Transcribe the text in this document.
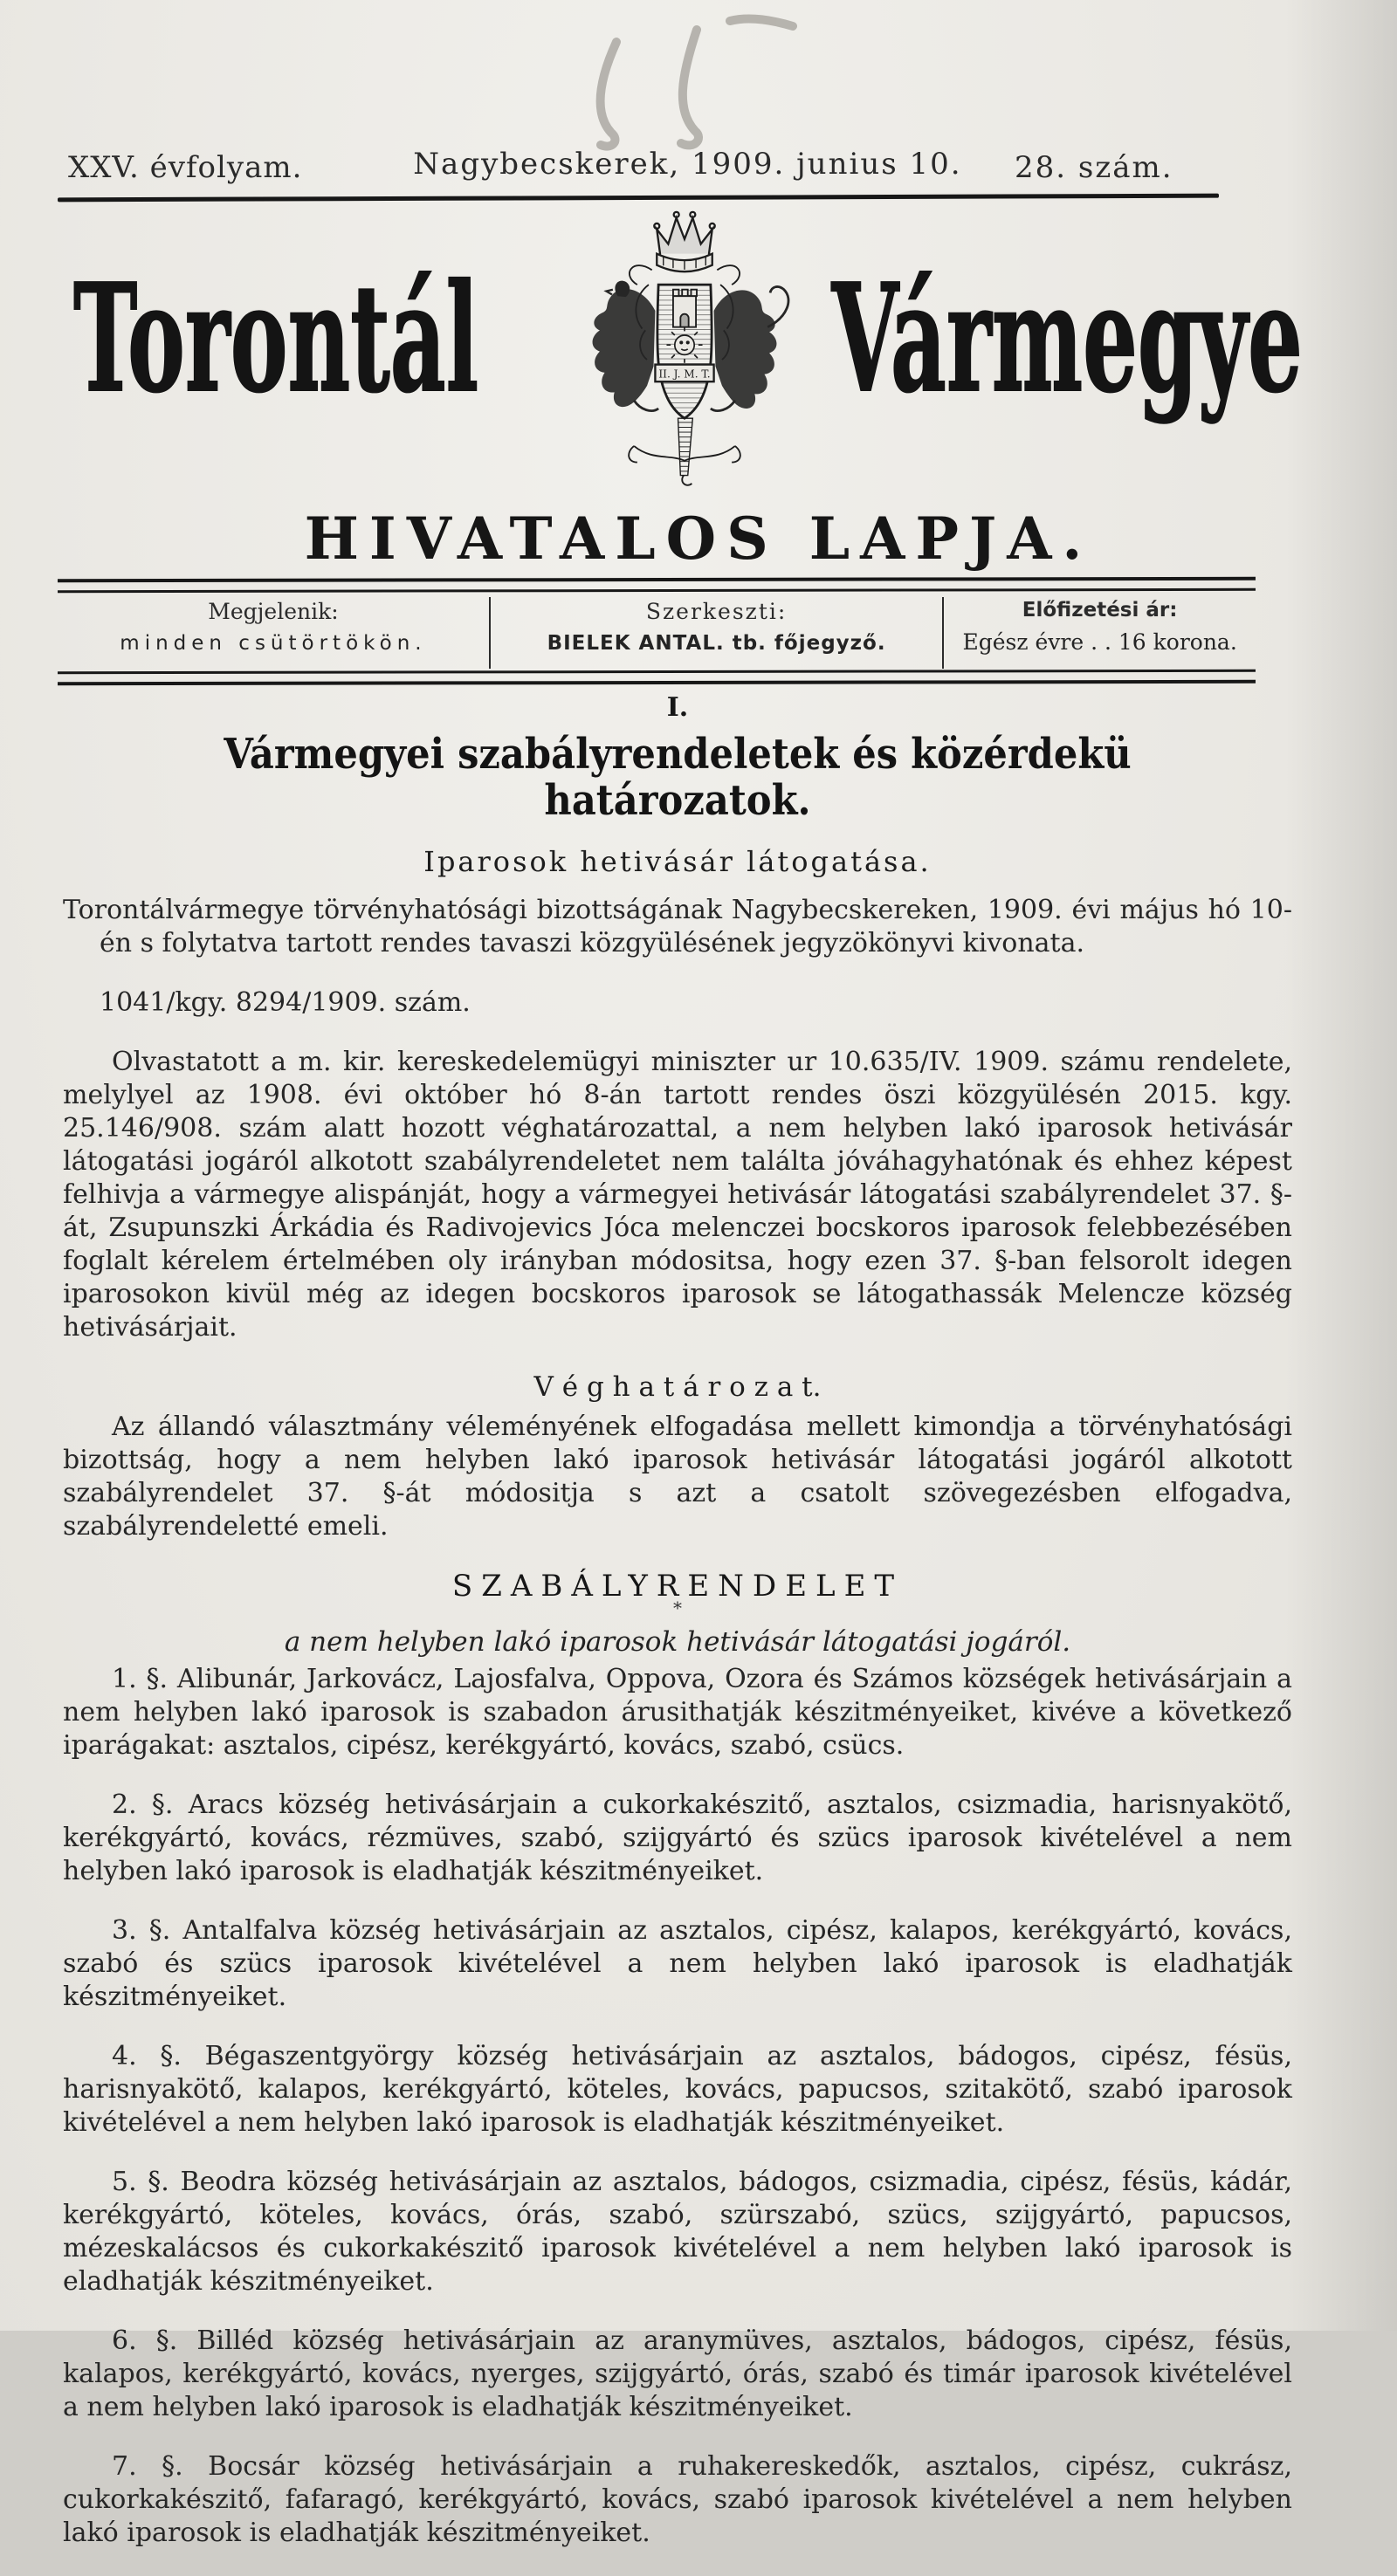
XXV. évfolyam.	Nagybecskerek, 1909. junius 10. 28. szám.
Torontál Vármegye
II. J. M. T.
HIVATALOS LAPJA.
Megjelenik:
minden csütörtökön.
Szerkeszti:
BIELEK ANTAL. tb. főjegyző.
Előfizetési ár:
Egész évre . . 16 korona.
I.
Vármegyei szabályrendeletek és közérdekü határozatok.
Iparosok hetivásár látogatása.

Torontálvármegye törvényhatósági bizottságának Nagybecskereken, 1909. évi május hó 10-én s folytatva tartott rendes tavaszi közgyülésének jegyzökönyvi kivonata.

1041/kgy. 8294/1909. szám.

Olvastatott a m. kir. kereskedelemügyi miniszter ur 10.635/IV. 1909. számu rendelete, melylyel az 1908. évi október hó 8-án tartott rendes öszi közgyülésén 2015. kgy. 25.146/908. szám alatt hozott véghatározattal, a nem helyben lakó iparosok hetivásár látogatási jogáról alkotott szabályrendeletet nem találta jóváhagyhatónak és ehhez képest felhivja a vármegye alispánját, hogy a vármegyei hetivásár látogatási szabályrendelet 37. §-át, Zsupunszki Árkádia és Radivojevics Jóca melenczei bocskoros iparosok felebbezésében foglalt kérelem értelmében oly irányban módositsa, hogy ezen 37. §-ban felsorolt idegen iparosokon kivül még az idegen bocskoros iparosok se látogathassák Melencze község hetivásárjait.

V é g h a t á r o z a t.

Az állandó választmány véleményének elfogadása mellett kimondja a törvényhatósági bizottság, hogy a nem helyben lakó iparosok hetivásár látogatási jogáról alkotott szabályrendelet 37. §-át módositja s azt a csatolt szövegezésben elfogadva, szabályrendeletté emeli.

SZABÁLYRENDELET
*
a nem helyben lakó iparosok hetivásár látogatási jogáról.

1. §. Alibunár, Jarkovácz, Lajosfalva, Oppova, Ozora és Számos községek hetivásárjain a nem helyben lakó iparosok is szabadon árusithatják készitményeiket, kivéve a következő iparágakat: asztalos, cipész, kerékgyártó, kovács, szabó, csücs.

2. §. Aracs község hetivásárjain a cukorkakészitő, asztalos, csizmadia, harisnyakötő, kerékgyártó, kovács, rézmüves, szabó, szijgyártó és szücs iparosok kivételével a nem helyben lakó iparosok is eladhatják készitményeiket.

3. §. Antalfalva község hetivásárjain az asztalos, cipész, kalapos, kerékgyártó, kovács, szabó és szücs iparosok kivételével a nem helyben lakó iparosok is eladhatják készitményeiket.

4. §. Bégaszentgyörgy község hetivásárjain az asztalos, bádogos, cipész, fésüs, harisnyakötő, kalapos, kerékgyártó, köteles, kovács, papucsos, szitakötő, szabó iparosok kivételével a nem helyben lakó iparosok is eladhatják készitményeiket.

5. §. Beodra község hetivásárjain az asztalos, bádogos, csizmadia, cipész, fésüs, kádár, kerékgyártó, köteles, kovács, órás, szabó, szürszabó, szücs, szijgyártó, papucsos, mézeskalácsos és cukorkakészitő iparosok kivételével a nem helyben lakó iparosok is eladhatják készitményeiket.

6. §. Billéd község hetivásárjain az aranymüves, asztalos, bádogos, cipész, fésüs, kalapos, kerékgyártó, kovács, nyerges, szijgyártó, órás, szabó és timár iparosok kivételével a nem helyben lakó iparosok is eladhatják készitményeiket.

7. §. Bocsár község hetivásárjain a ruhakereskedők, asztalos, cipész, cukrász, cukorkakészitő, fafaragó, kerékgyártó, kovács, szabó iparosok kivételével a nem helyben lakó iparosok is eladhatják készitményeiket.
